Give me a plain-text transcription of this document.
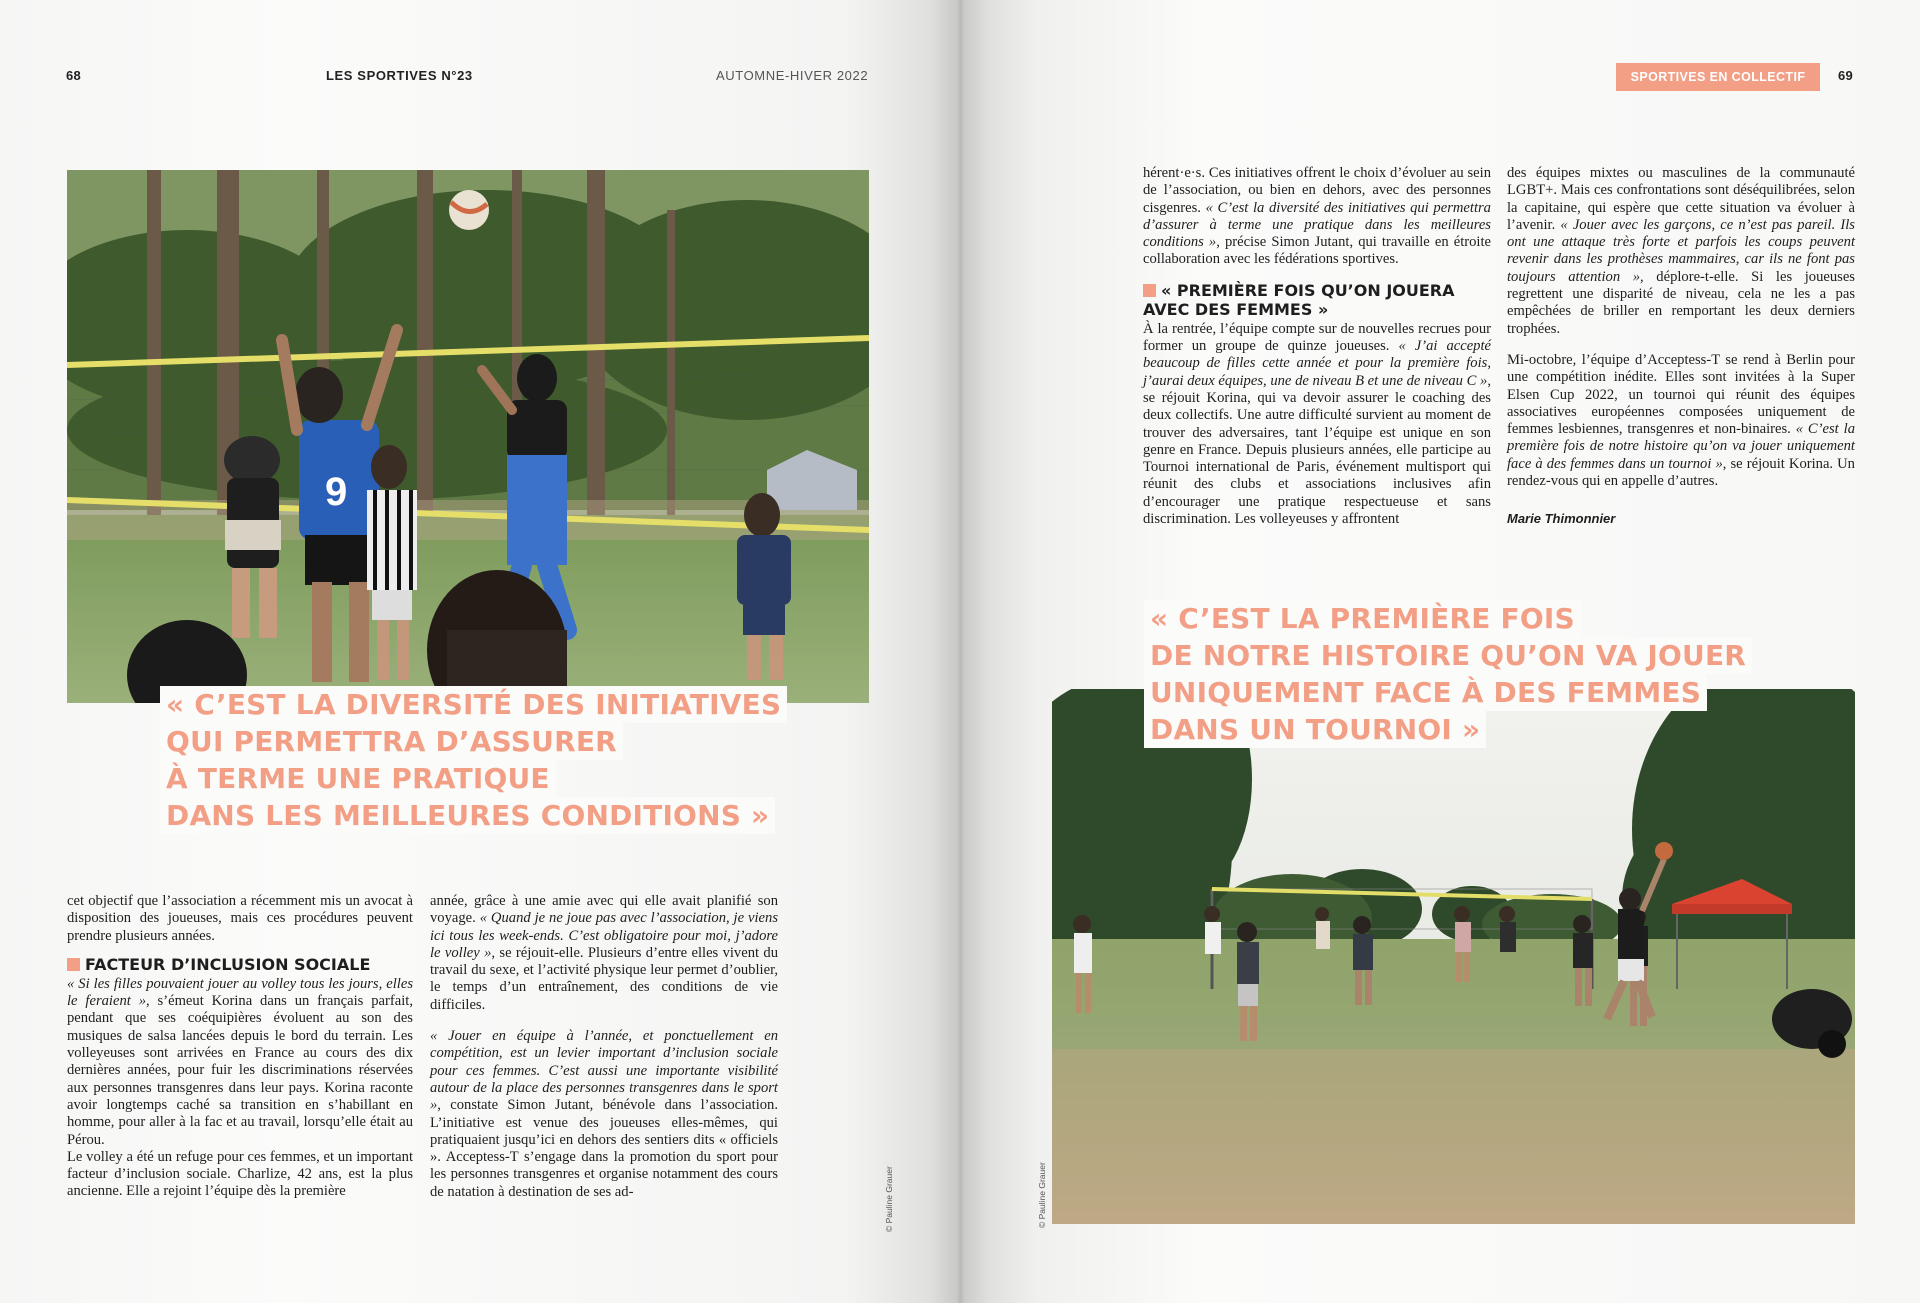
68	LES SPORTIVES N°23	AUTOMNE-HIVER 2022
9
© Pauline Grauer
« C’EST LA DIVERSITÉ DES INITIATIVES
QUI PERMETTRA D’ASSURER
À TERME UNE PRATIQUE
DANS LES MEILLEURES CONDITIONS »

cet objectif que l’association a récemment mis un avocat à disposition des joueuses, mais ces procédures peuvent prendre plusieurs années.

FACTEUR D’INCLUSION SOCIALE

« Si les filles pouvaient jouer au volley tous les jours, elles le feraient », s’émeut Korina dans un français parfait, pendant que ses coéquipières évoluent au son des musiques de salsa lancées depuis le bord du terrain. Les volleyeuses sont arrivées en France au cours des dix dernières années, pour fuir les discriminations réservées aux personnes transgenres dans leur pays. Korina raconte avoir longtemps caché sa transition en s’habillant en homme, pour aller à la fac et au travail, lorsqu’elle était au Pérou.

Le volley a été un refuge pour ces femmes, et un important facteur d’inclusion sociale. Charlize, 42 ans, est la plus ancienne. Elle a rejoint l’équipe dès la première

année, grâce à une amie avec qui elle avait planifié son voyage. « Quand je ne joue pas avec l’association, je viens ici tous les week-ends. C’est obligatoire pour moi, j’adore le volley », se réjouit-elle. Plusieurs d’entre elles vivent du travail du sexe, et l’activité physique leur permet d’oublier, le temps d’un entraînement, des conditions de vie difficiles.

« Jouer en équipe à l’année, et ponctuellement en compétition, est un levier important d’inclusion sociale pour ces femmes. C’est aussi une importante visibilité autour de la place des personnes transgenres dans le sport », constate Simon Jutant, bénévole dans l’association. L’initiative est venue des joueuses elles-mêmes, qui pratiquaient jusqu’ici en dehors des sentiers dits « officiels ». Acceptess-T s’engage dans la promotion du sport pour les personnes transgenres et organise notamment des cours de natation à destination de ses ad-

SPORTIVES EN COLLECTIF	69

hérent·e·s. Ces initiatives offrent le choix d’évoluer au sein de l’association, ou bien en dehors, avec des personnes cisgenres. « C’est la diversité des initiatives qui permettra d’assurer à terme une pratique dans les meilleures conditions », précise Simon Jutant, qui travaille en étroite collaboration avec les fédérations sportives.

« PREMIÈRE FOIS QU’ON JOUERA AVEC DES FEMMES »

À la rentrée, l’équipe compte sur de nouvelles recrues pour former un groupe de quinze joueuses. « J’ai accepté beaucoup de filles cette année et pour la première fois, j’aurai deux équipes, une de niveau B et une de niveau C », se réjouit Korina, qui va devoir assurer le coaching des deux collectifs. Une autre difficulté survient au moment de trouver des adversaires, tant l’équipe est unique en son genre en France. Depuis plusieurs années, elle participe au Tournoi international de Paris, événement multisport qui réunit des clubs et associations inclusives afin d’encourager une pratique respectueuse et sans discrimination. Les volleyeuses y affrontent

des équipes mixtes ou masculines de la communauté LGBT+. Mais ces confrontations sont déséquilibrées, selon la capitaine, qui espère que cette situation va évoluer à l’avenir. « Jouer avec les garçons, ce n’est pas pareil. Ils ont une attaque très forte et parfois les coups peuvent revenir dans les prothèses mammaires, car ils ne font pas toujours attention », déplore-t-elle. Si les joueuses regrettent une disparité de niveau, cela ne les a pas empêchées de briller en remportant les deux derniers trophées.

Mi-octobre, l’équipe d’Acceptess-T se rend à Berlin pour une compétition inédite. Elles sont invitées à la Super Elsen Cup 2022, un tournoi qui réunit des équipes associatives européennes composées uniquement de femmes lesbiennes, transgenres et non-binaires. « C’est la première fois de notre histoire qu’on va jouer uniquement face à des femmes dans un tournoi », se réjouit Korina. Un rendez-vous qui en appelle d’autres.

Marie Thimonnier
© Pauline Grauer
« C’EST LA PREMIÈRE FOIS
DE NOTRE HISTOIRE QU’ON VA JOUER
UNIQUEMENT FACE À DES FEMMES
DANS UN TOURNOI »
